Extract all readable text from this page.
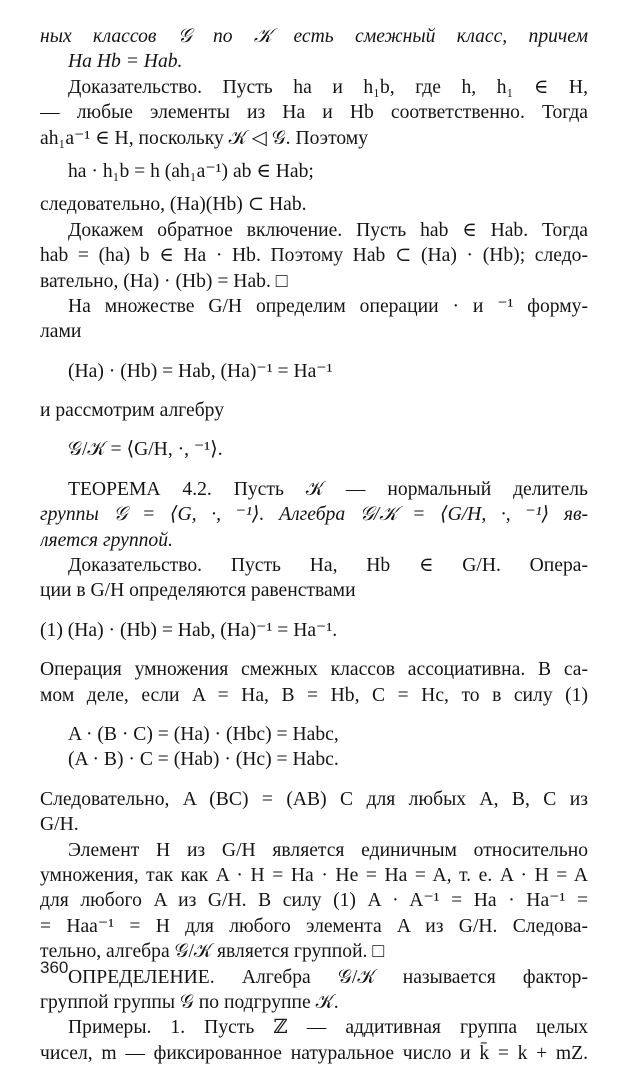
ных классов 𝒢 по 𝒦 есть смежный класс, причем
Ha Hb = Hab.
Доказательство. Пусть ha и h₁b, где h, h₁ ∈ H,
— любые элементы из Ha и Hb соответственно. Тогда
ah₁a⁻¹ ∈ H, поскольку 𝒦 ◁ 𝒢. Поэтому
ha · h₁b = h (ah₁a⁻¹) ab ∈ Hab;
следовательно, (Ha)(Hb) ⊂ Hab.
Докажем обратное включение. Пусть hab ∈ Hab. Тогда
hab = (ha) b ∈ Ha · Hb. Поэтому Hab ⊂ (Ha) · (Hb); следо-
вательно, (Ha) · (Hb) = Hab. □
На множестве G/H определим операции · и ⁻¹ форму-
лами
(Ha) · (Hb) = Hab, (Ha)⁻¹ = Ha⁻¹
и рассмотрим алгебру
𝒢/𝒦 = ⟨G/H, ·, ⁻¹⟩.
ТЕОРЕМА 4.2. Пусть 𝒦 — нормальный делитель
группы 𝒢 = ⟨G, ·, ⁻¹⟩. Алгебра 𝒢/𝒦 = ⟨G/H, ·, ⁻¹⟩ яв-
ляется группой.
Доказательство. Пусть Ha, Hb ∈ G/H. Опера-
ции в G/H определяются равенствами
(1) (Ha) · (Hb) = Hab, (Ha)⁻¹ = Ha⁻¹.
Операция умножения смежных классов ассоциативна. В са-
мом деле, если A = Ha, B = Hb, C = Hc, то в силу (1)
A · (B · C) = (Ha) · (Hbc) = Habc,
(A · B) · C = (Hab) · (Hc) = Habc.
Следовательно, A (BC) = (AB) C для любых A, B, C из
G/H.
Элемент H из G/H является единичным относительно
умножения, так как A · H = Ha · He = Ha = A, т. е. A · H = A
для любого A из G/H. В силу (1) A · A⁻¹ = Ha · Ha⁻¹ =
= Haa⁻¹ = H для любого элемента A из G/H. Следова-
тельно, алгебра 𝒢/𝒦 является группой. □
ОПРЕДЕЛЕНИЕ. Алгебра 𝒢/𝒦 называется фактор-
группой группы 𝒢 по подгруппе 𝒦.
Примеры. 1. Пусть ℤ — аддитивная группа целых
чисел, m — фиксированное натуральное число и k̄ = k + mZ.
360
